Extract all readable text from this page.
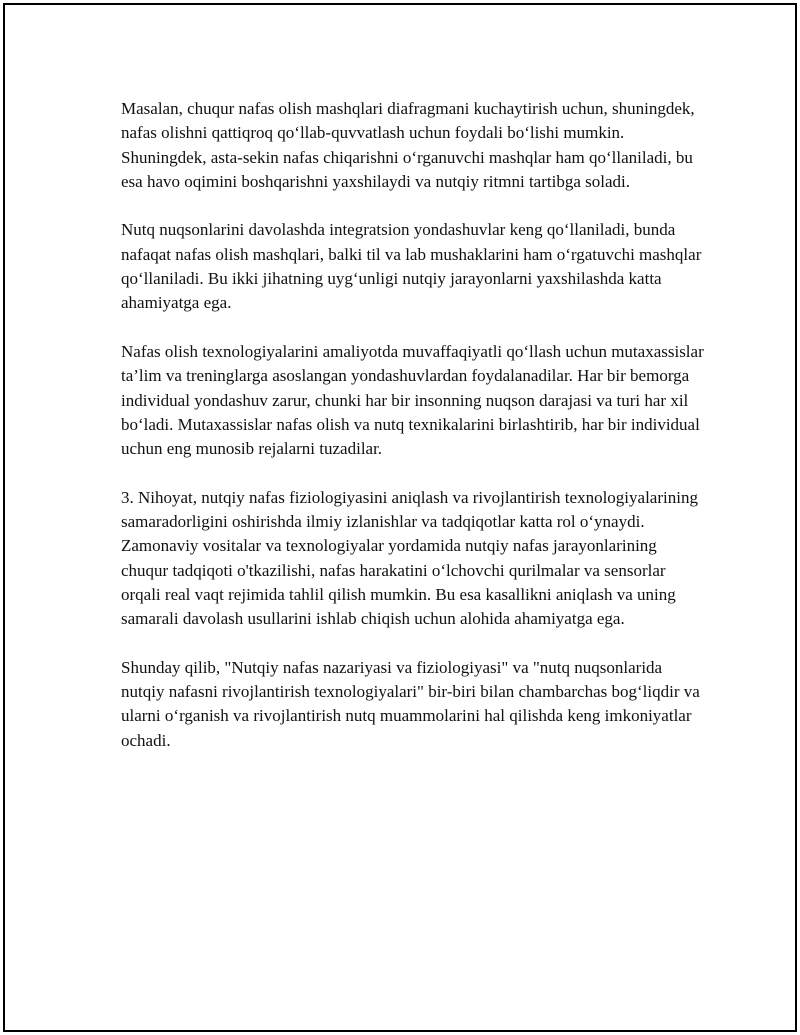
Masalan, chuqur nafas olish mashqlari diafragmani kuchaytirish uchun, shuningdek, nafas olishni qattiqroq qo‘llab-quvvatlash uchun foydali bo‘lishi mumkin. Shuningdek, asta-sekin nafas chiqarishni o‘rganuvchi mashqlar ham qo‘llaniladi, bu esa havo oqimini boshqarishni yaxshilaydi va nutqiy ritmni tartibga soladi.

Nutq nuqsonlarini davolashda integratsion yondashuvlar keng qo‘llaniladi, bunda nafaqat nafas olish mashqlari, balki til va lab mushaklarini ham o‘rgatuvchi mashqlar qo‘llaniladi. Bu ikki jihatning uyg‘unligi nutqiy jarayonlarni yaxshilashda katta ahamiyatga ega.

Nafas olish texnologiyalarini amaliyotda muvaffaqiyatli qo‘llash uchun mutaxassislar ta’lim va treninglarga asoslangan yondashuvlardan foydalanadilar. Har bir bemorga individual yondashuv zarur, chunki har bir insonning nuqson darajasi va turi har xil bo‘ladi. Mutaxassislar nafas olish va nutq texnikalarini birlashtirib, har bir individual uchun eng munosib rejalarni tuzadilar.

3. Nihoyat, nutqiy nafas fiziologiyasini aniqlash va rivojlantirish texnologiyalarining samaradorligini oshirishda ilmiy izlanishlar va tadqiqotlar katta rol o‘ynaydi. Zamonaviy vositalar va texnologiyalar yordamida nutqiy nafas jarayonlarining chuqur tadqiqoti o'tkazilishi, nafas harakatini o‘lchovchi qurilmalar va sensorlar orqali real vaqt rejimida tahlil qilish mumkin. Bu esa kasallikni aniqlash va uning samarali davolash usullarini ishlab chiqish uchun alohida ahamiyatga ega.

Shunday qilib, "Nutqiy nafas nazariyasi va fiziologiyasi" va "nutq nuqsonlarida nutqiy nafasni rivojlantirish texnologiyalari" bir-biri bilan chambarchas bog‘liqdir va ularni o‘rganish va rivojlantirish nutq muammolarini hal qilishda keng imkoniyatlar ochadi.
